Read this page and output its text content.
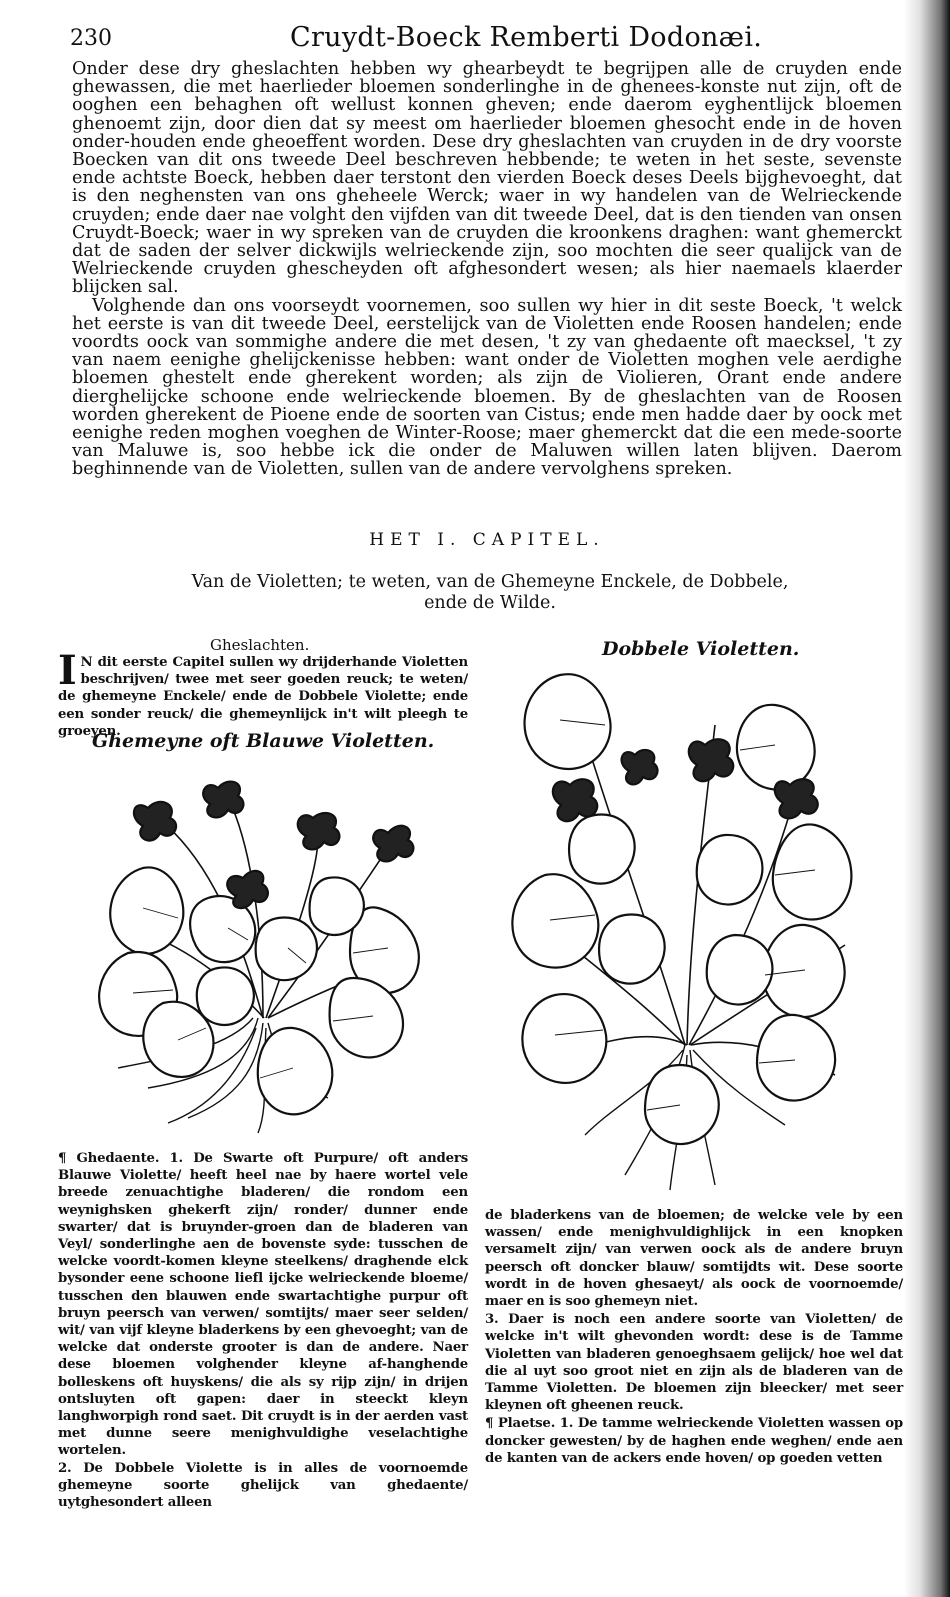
230	Cruydt-Boeck Remberti Dodonæi.

Onder dese dry gheslachten hebben wy ghearbeydt te begrijpen alle de cruyden ende ghewassen, die met haerlieder bloemen sonderlinghe in de ghenees-konste nut zijn, oft de ooghen een behaghen oft wellust konnen gheven; ende daerom eyghentlijck bloemen ghenoemt zijn, door dien dat sy meest om haerlieder bloemen ghesocht ende in de hoven onder-houden ende gheoeffent worden. Dese dry gheslachten van cruyden in de dry voorste Boecken van dit ons tweede Deel beschreven hebbende; te weten in het seste, sevenste ende achtste Boeck, hebben daer terstont den vierden Boeck deses Deels bijghevoeght, dat is den neghensten van ons gheheele Werck; waer in wy handelen van de Welrieckende cruyden; ende daer nae volght den vijfden van dit tweede Deel, dat is den tienden van onsen Cruydt-Boeck; waer in wy spreken van de cruyden die kroonkens draghen: want ghemerckt dat de saden der selver dickwijls welrieckende zijn, soo mochten die seer qualijck van de Welrieckende cruyden ghescheyden oft afghesondert wesen; als hier naemaels klaerder blijcken sal.

Volghende dan ons voorseydt voornemen, soo sullen wy hier in dit seste Boeck, 't welck het eerste is van dit tweede Deel, eerstelijck van de Violetten ende Roosen handelen; ende voordts oock van sommighe andere die met desen, 't zy van ghedaente oft maecksel, 't zy van naem eenighe ghelijckenisse hebben: want onder de Violetten moghen vele aerdighe bloemen ghestelt ende gherekent worden; als zijn de Violieren, Orant ende andere dierghelijcke schoone ende welrieckende bloemen. By de gheslachten van de Roosen worden gherekent de Pioene ende de soorten van Cistus; ende men hadde daer by oock met eenighe reden moghen voeghen de Winter-Roose; maer ghemerckt dat die een mede-soorte van Maluwe is, soo hebbe ick die onder de Maluwen willen laten blijven. Daerom beghinnende van de Violetten, sullen van de andere vervolghens spreken.

HET I. CAPITEL.
Van de Violetten; te weten, van de Ghemeyne Enckele, de Dobbele,
ende de Wilde.
Gheslachten.

I N dit eerste Capitel sullen wy drijderhande Violetten beschrijven/ twee met seer goeden reuck; te weten/ de ghemeyne Enckele/ ende de Dobbele Violette; ende een sonder reuck/ die ghemeynlijck in't wilt pleegh te groeyen.

Ghemeyne oft Blauwe Violetten.
Dobbele Violetten.

¶ Ghedaente. 1. De Swarte oft Purpure/ oft anders Blauwe Violette/ heeft heel nae by haere wortel vele breede zenuachtighe bladeren/ die rondom een weynighsken ghekerft zijn/ ronder/ dunner ende swarter/ dat is bruynder-groen dan de bladeren van Veyl/ sonderlinghe aen de bovenste syde: tusschen de welcke voordt-komen kleyne steelkens/ draghende elck bysonder eene schoone liefl ijcke welrieckende bloeme/ tusschen den blauwen ende swartachtighe purpur oft bruyn peersch van verwen/ somtijts/ maer seer selden/ wit/ van vijf kleyne bladerkens by een ghevoeght; van de welcke dat onderste grooter is dan de andere. Naer dese bloemen volghender kleyne af-hanghende bolleskens oft huyskens/ die als sy rijp zijn/ in drijen ontsluyten oft gapen: daer in steeckt kleyn langhworpigh rond saet. Dit cruydt is in der aerden vast met dunne seere menighvuldighe veselachtighe wortelen.

2. De Dobbele Violette is in alles de voornoemde ghemeyne soorte ghelijck van ghedaente/ uytghesondert alleen

de bladerkens van de bloemen; de welcke vele by een wassen/ ende menighvuldighlijck in een knopken versamelt zijn/ van verwen oock als de andere bruyn peersch oft doncker blauw/ somtijdts wit. Dese soorte wordt in de hoven ghesaeyt/ als oock de voornoemde/ maer en is soo ghemeyn niet.

3. Daer is noch een andere soorte van Violetten/ de welcke in't wilt ghevonden wordt: dese is de Tamme Violetten van bladeren genoeghsaem gelijck/ hoe wel dat die al uyt soo groot niet en zijn als de bladeren van de Tamme Violetten. De bloemen zijn bleecker/ met seer kleynen oft gheenen reuck.

¶ Plaetse. 1. De tamme welrieckende Violetten wassen op doncker gewesten/ by de haghen ende weghen/ ende aen de kanten van de ackers ende hoven/ op goeden vetten
